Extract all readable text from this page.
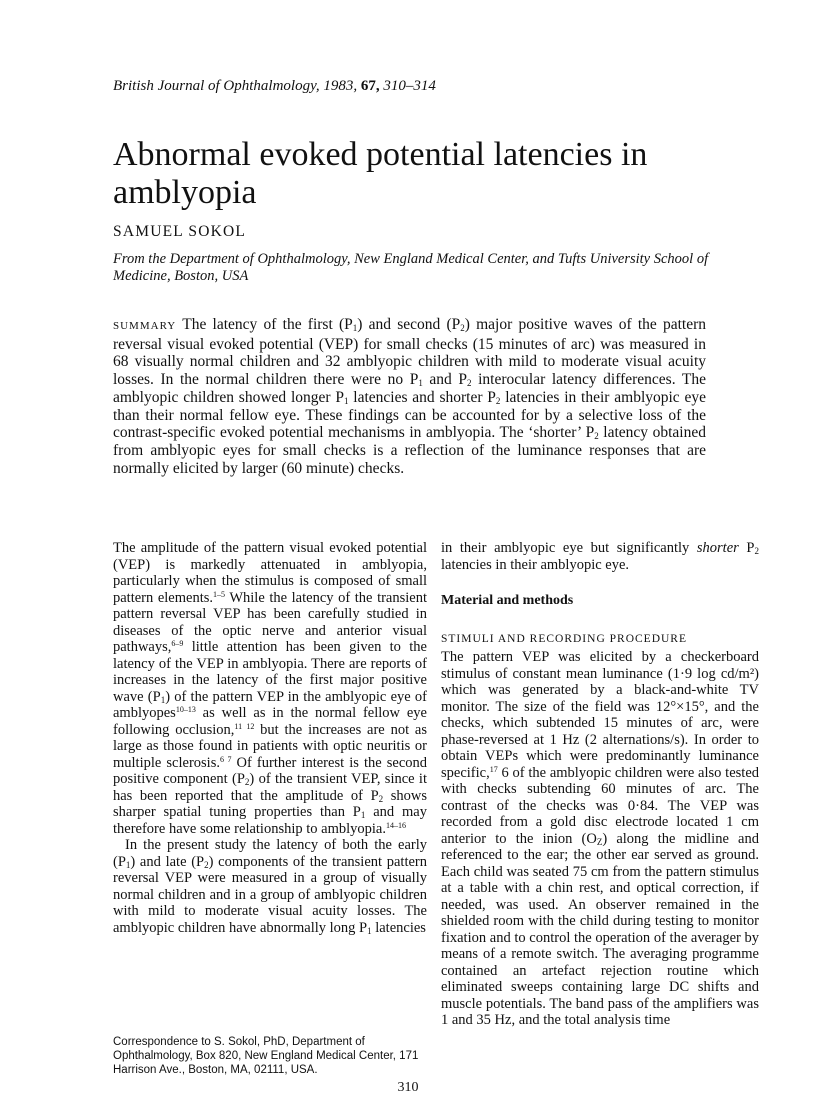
British Journal of Ophthalmology, 1983, 67, 310–314
Abnormal evoked potential latencies in amblyopia
SAMUEL SOKOL
From the Department of Ophthalmology, New England Medical Center, and Tufts University School of Medicine, Boston, USA
SUMMARY The latency of the first $(P_1)$ and second $(P_2)$ major positive waves of the pattern reversal visual evoked potential (VEP) for small checks (15 minutes of arc) was measured in 68 visually normal children and 32 amblyopic children with mild to moderate visual acuity losses. In the normal children there were no $P_1$ and $P_2$ interocular latency differences. The amblyopic children showed longer $P_1$ latencies and shorter $P_2$ latencies in their amblyopic eye than their normal fellow eye. These findings can be accounted for by a selective loss of the contrast-specific evoked potential mechanisms in amblyopia. The ‘shorter’ $P_2$ latency obtained from amblyopic eyes for small checks is a reflection of the luminance responses that are normally elicited by larger (60 minute) checks.

The amplitude of the pattern visual evoked potential (VEP) is markedly attenuated in amblyopia, particularly when the stimulus is composed of small pattern elements.$^{1-5}$ While the latency of the transient pattern reversal VEP has been carefully studied in diseases of the optic nerve and anterior visual pathways,$^{6-9}$ little attention has been given to the latency of the VEP in amblyopia. There are reports of increases in the latency of the first major positive wave $(P_1)$ of the pattern VEP in the amblyopic eye of amblyopes$^{10-13}$ as well as in the normal fellow eye following occlusion,$^{11 12}$ but the increases are not as large as those found in patients with optic neuritis or multiple sclerosis.$^{6 7}$ Of further interest is the second positive component $(P_2)$ of the transient VEP, since it has been reported that the amplitude of $P_2$ shows sharper spatial tuning properties than $P_1$ and may therefore have some relationship to amblyopia.$^{14-16}$

In the present study the latency of both the early $(P_1)$ and late $(P_2)$ components of the transient pattern reversal VEP were measured in a group of visually normal children and in a group of amblyopic children with mild to moderate visual acuity losses. The amblyopic children have abnormally long $P_1$ latencies

in their amblyopic eye but significantly shorter $P_2$ latencies in their amblyopic eye.

Material and methods
STIMULI AND RECORDING PROCEDURE

The pattern VEP was elicited by a checkerboard stimulus of constant mean luminance (1·9 log cd/m²) which was generated by a black-and-white TV monitor. The size of the field was 12°×15°, and the checks, which subtended 15 minutes of arc, were phase-reversed at 1 Hz (2 alternations/s). In order to obtain VEPs which were predominantly luminance specific,$^{17}$ 6 of the amblyopic children were also tested with checks subtending 60 minutes of arc. The contrast of the checks was 0·84. The VEP was recorded from a gold disc electrode located 1 cm anterior to the inion $(O_Z)$ along the midline and referenced to the ear; the other ear served as ground. Each child was seated 75 cm from the pattern stimulus at a table with a chin rest, and optical correction, if needed, was used. An observer remained in the shielded room with the child during testing to monitor fixation and to control the operation of the averager by means of a remote switch. The averaging programme contained an artefact rejection routine which eliminated sweeps containing large DC shifts and muscle potentials. The band pass of the amplifiers was 1 and 35 Hz, and the total analysis time

Correspondence to S. Sokol, PhD, Department of Ophthalmology, Box 820, New England Medical Center, 171 Harrison Ave., Boston, MA, 02111, USA.
310
